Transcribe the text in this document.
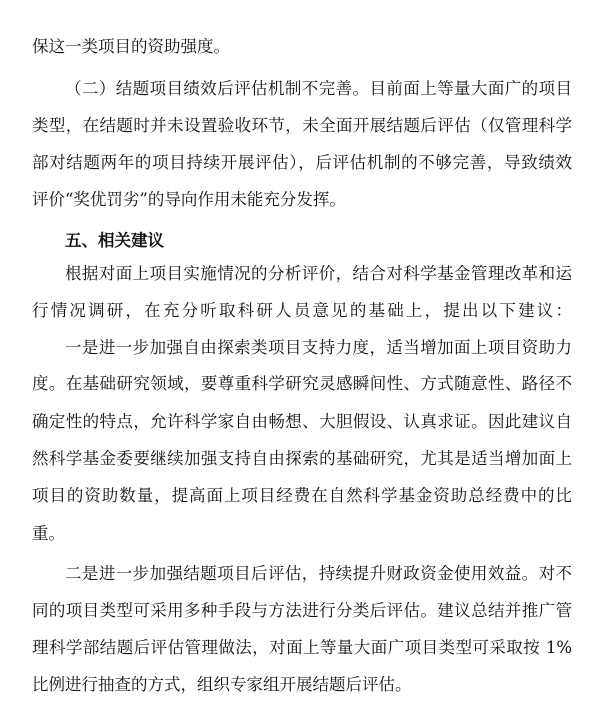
保这一类项目的资助强度。
（二）结题项目绩效后评估机制不完善。目前面上等量大面广的项目
类型，在结题时并未设置验收环节，未全面开展结题后评估（仅管理科学
部对结题两年的项目持续开展评估），后评估机制的不够完善，导致绩效
评价“奖优罚劣”的导向作用未能充分发挥。
五、相关建议
根据对面上项目实施情况的分析评价，结合对科学基金管理改革和运
行情况调研，在充分听取科研人员意见的基础上，提出以下建议：
一是进一步加强自由探索类项目支持力度，适当增加面上项目资助力
度。在基础研究领域，要尊重科学研究灵感瞬间性、方式随意性、路径不
确定性的特点，允许科学家自由畅想、大胆假设、认真求证。因此建议自
然科学基金委要继续加强支持自由探索的基础研究，尤其是适当增加面上
项目的资助数量，提高面上项目经费在自然科学基金资助总经费中的比
重。
二是进一步加强结题项目后评估，持续提升财政资金使用效益。对不
同的项目类型可采用多种手段与方法进行分类后评估。建议总结并推广管
理科学部结题后评估管理做法，对面上等量大面广项目类型可采取按 1%
比例进行抽查的方式，组织专家组开展结题后评估。
